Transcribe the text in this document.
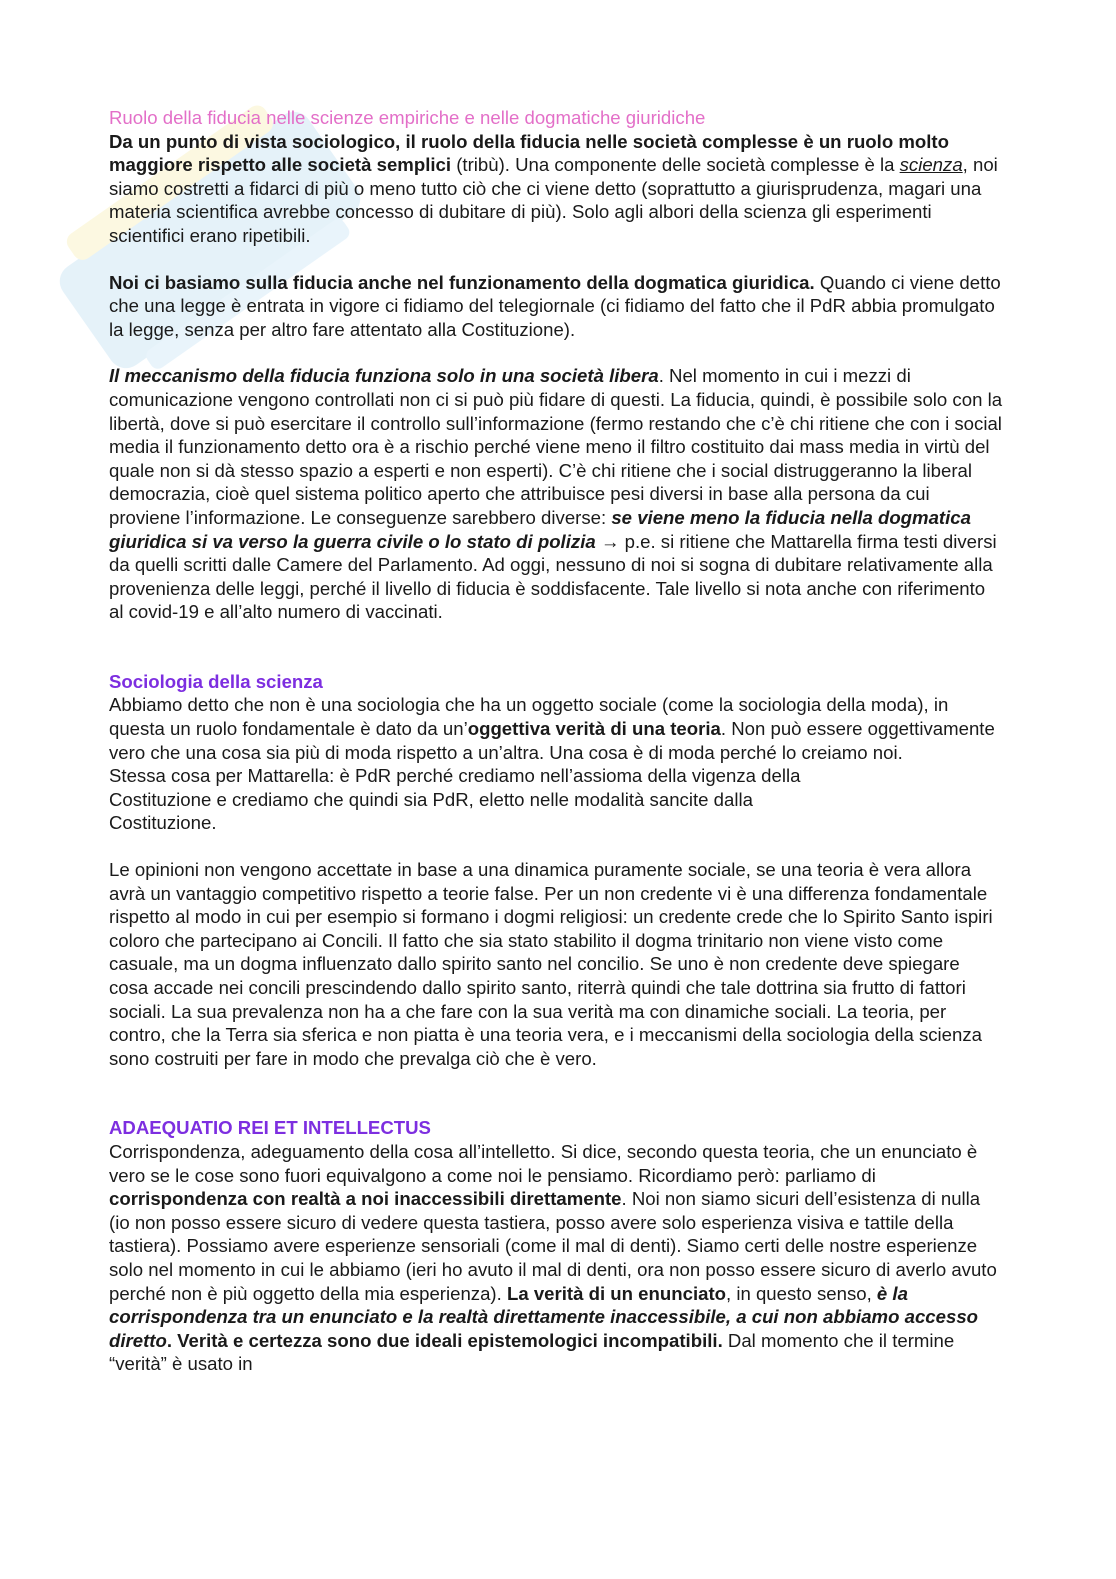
Ruolo della fiducia nelle scienze empiriche e nelle dogmatiche giuridiche

Da un punto di vista sociologico, il ruolo della fiducia nelle società complesse è un ruolo molto maggiore rispetto alle società semplici (tribù). Una componente delle società complesse è la scienza, noi siamo costretti a fidarci di più o meno tutto ciò che ci viene detto (soprattutto a giurisprudenza, magari una materia scientifica avrebbe concesso di dubitare di più). Solo agli albori della scienza gli esperimenti scientifici erano ripetibili.

Noi ci basiamo sulla fiducia anche nel funzionamento della dogmatica giuridica. Quando ci viene detto che una legge è entrata in vigore ci fidiamo del telegiornale (ci fidiamo del fatto che il PdR abbia promulgato la legge, senza per altro fare attentato alla Costituzione).

Il meccanismo della fiducia funziona solo in una società libera. Nel momento in cui i mezzi di comunicazione vengono controllati non ci si può più fidare di questi. La fiducia, quindi, è possibile solo con la libertà, dove si può esercitare il controllo sull’informazione (fermo restando che c’è chi ritiene che con i social media il funzionamento detto ora è a rischio perché viene meno il filtro costituito dai mass media in virtù del quale non si dà stesso spazio a esperti e non esperti). C’è chi ritiene che i social distruggeranno la liberal democrazia, cioè quel sistema politico aperto che attribuisce pesi diversi in base alla persona da cui proviene l’informazione. Le conseguenze sarebbero diverse: se viene meno la fiducia nella dogmatica giuridica si va verso la guerra civile o lo stato di polizia → p.e. si ritiene che Mattarella firma testi diversi da quelli scritti dalle Camere del Parlamento. Ad oggi, nessuno di noi si sogna di dubitare relativamente alla provenienza delle leggi, perché il livello di fiducia è soddisfacente. Tale livello si nota anche con riferimento al covid-19 e all’alto numero di vaccinati.

Sociologia della scienza

Abbiamo detto che non è una sociologia che ha un oggetto sociale (come la sociologia della moda), in questa un ruolo fondamentale è dato da un’oggettiva verità di una teoria. Non può essere oggettivamente vero che una cosa sia più di moda rispetto a un’altra. Una cosa è di moda perché lo creiamo noi.

Stessa cosa per Mattarella: è PdR perché crediamo nell’assioma della vigenza della Costituzione e crediamo che quindi sia PdR, eletto nelle modalità sancite dalla Costituzione.

Le opinioni non vengono accettate in base a una dinamica puramente sociale, se una teoria è vera allora avrà un vantaggio competitivo rispetto a teorie false. Per un non credente vi è una differenza fondamentale rispetto al modo in cui per esempio si formano i dogmi religiosi: un credente crede che lo Spirito Santo ispiri coloro che partecipano ai Concili. Il fatto che sia stato stabilito il dogma trinitario non viene visto come casuale, ma un dogma influenzato dallo spirito santo nel concilio. Se uno è non credente deve spiegare cosa accade nei concili prescindendo dallo spirito santo, riterrà quindi che tale dottrina sia frutto di fattori sociali. La sua prevalenza non ha a che fare con la sua verità ma con dinamiche sociali. La teoria, per contro, che la Terra sia sferica e non piatta è una teoria vera, e i meccanismi della sociologia della scienza sono costruiti per fare in modo che prevalga ciò che è vero.

ADAEQUATIO REI ET INTELLECTUS

Corrispondenza, adeguamento della cosa all’intelletto. Si dice, secondo questa teoria, che un enunciato è vero se le cose sono fuori equivalgono a come noi le pensiamo. Ricordiamo però: parliamo di corrispondenza con realtà a noi inaccessibili direttamente. Noi non siamo sicuri dell’esistenza di nulla (io non posso essere sicuro di vedere questa tastiera, posso avere solo esperienza visiva e tattile della tastiera). Possiamo avere esperienze sensoriali (come il mal di denti). Siamo certi delle nostre esperienze solo nel momento in cui le abbiamo (ieri ho avuto il mal di denti, ora non posso essere sicuro di averlo avuto perché non è più oggetto della mia esperienza). La verità di un enunciato, in questo senso, è la corrispondenza tra un enunciato e la realtà direttamente inaccessibile, a cui non abbiamo accesso diretto. Verità e certezza sono due ideali epistemologici incompatibili. Dal momento che il termine “verità” è usato in
